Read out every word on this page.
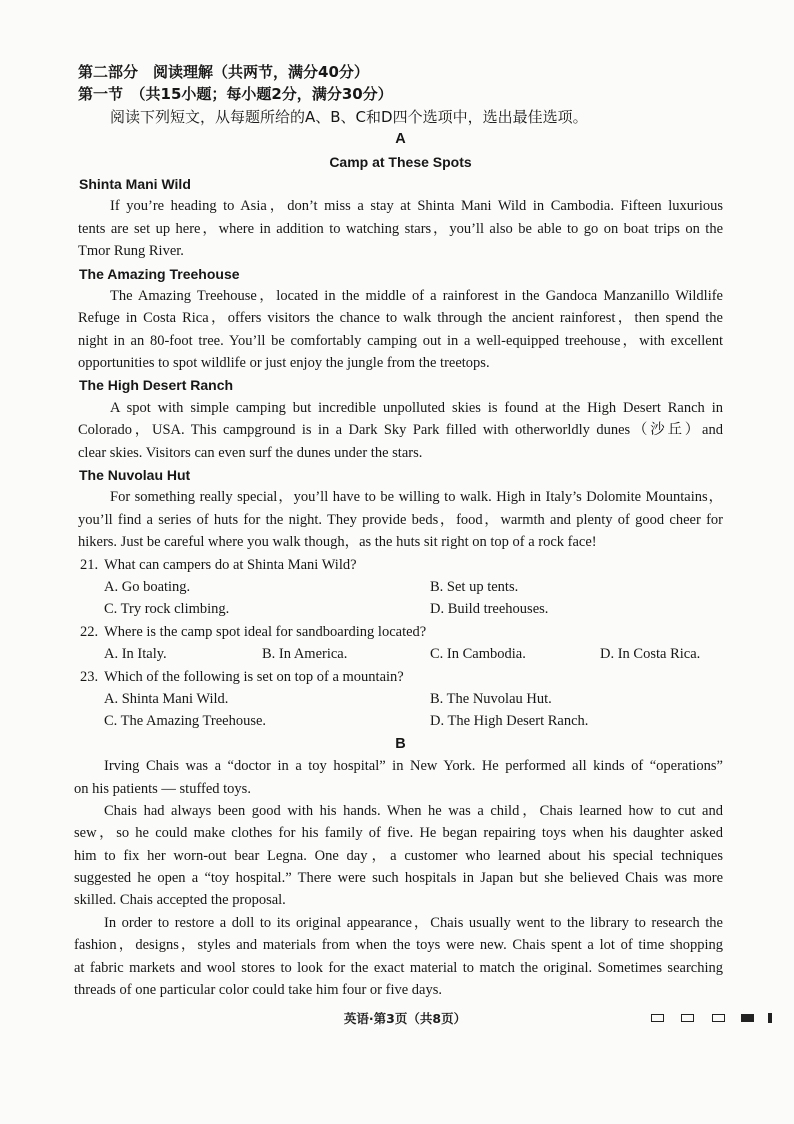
第二部分　阅读理解（共两节，满分40分）
第一节　（共15小题；每小题2分，满分30分）
阅读下列短文，从每题所给的A、B、C和D四个选项中，选出最佳选项。
A
Camp at These Spots
Shinta Mani Wild
If you’re heading to Asia，don’t miss a stay at Shinta Mani Wild in Cambodia. Fifteen luxurious
tents are set up here，where in addition to watching stars，you’ll also be able to go on boat trips on the
Tmor Rung River.
The Amazing Treehouse
The Amazing Treehouse，located in the middle of a rainforest in the Gandoca Manzanillo Wildlife
Refuge in Costa Rica，offers visitors the chance to walk through the ancient rainforest，then spend the
night in an 80-foot tree. You’ll be comfortably camping out in a well-equipped treehouse，with excellent
opportunities to spot wildlife or just enjoy the jungle from the treetops.
The High Desert Ranch
A spot with simple camping but incredible unpolluted skies is found at the High Desert Ranch in
Colorado，USA. This campground is in a Dark Sky Park filled with otherworldly dunes（沙丘）and
clear skies. Visitors can even surf the dunes under the stars.
The Nuvolau Hut
For something really special，you’ll have to be willing to walk. High in Italy’s Dolomite Mountains，
you’ll find a series of huts for the night. They provide beds，food，warmth and plenty of good cheer for
hikers. Just be careful where you walk though，as the huts sit right on top of a rock face!
21. What can campers do at Shinta Mani Wild?
A. Go boating.	B. Set up tents.
C. Try rock climbing.	D. Build treehouses.
22. Where is the camp spot ideal for sandboarding located?
A. In Italy.	B. In America.	C. In Cambodia.	D. In Costa Rica.
23. Which of the following is set on top of a mountain?
A. Shinta Mani Wild.	B. The Nuvolau Hut.
C. The Amazing Treehouse.	D. The High Desert Ranch.
B
Irving Chais was a “doctor in a toy hospital” in New York. He performed all kinds of “operations”
on his patients — stuffed toys.
Chais had always been good with his hands. When he was a child，Chais learned how to cut and
sew，so he could make clothes for his family of five. He began repairing toys when his daughter asked
him to fix her worn-out bear Legna. One day，a customer who learned about his special techniques
suggested he open a “toy hospital.” There were such hospitals in Japan but she believed Chais was more
skilled. Chais accepted the proposal.
In order to restore a doll to its original appearance，Chais usually went to the library to research the
fashion，designs，styles and materials from when the toys were new. Chais spent a lot of time shopping
at fabric markets and wool stores to look for the exact material to match the original. Sometimes searching
threads of one particular color could take him four or five days.
英语·第3页（共8页）
